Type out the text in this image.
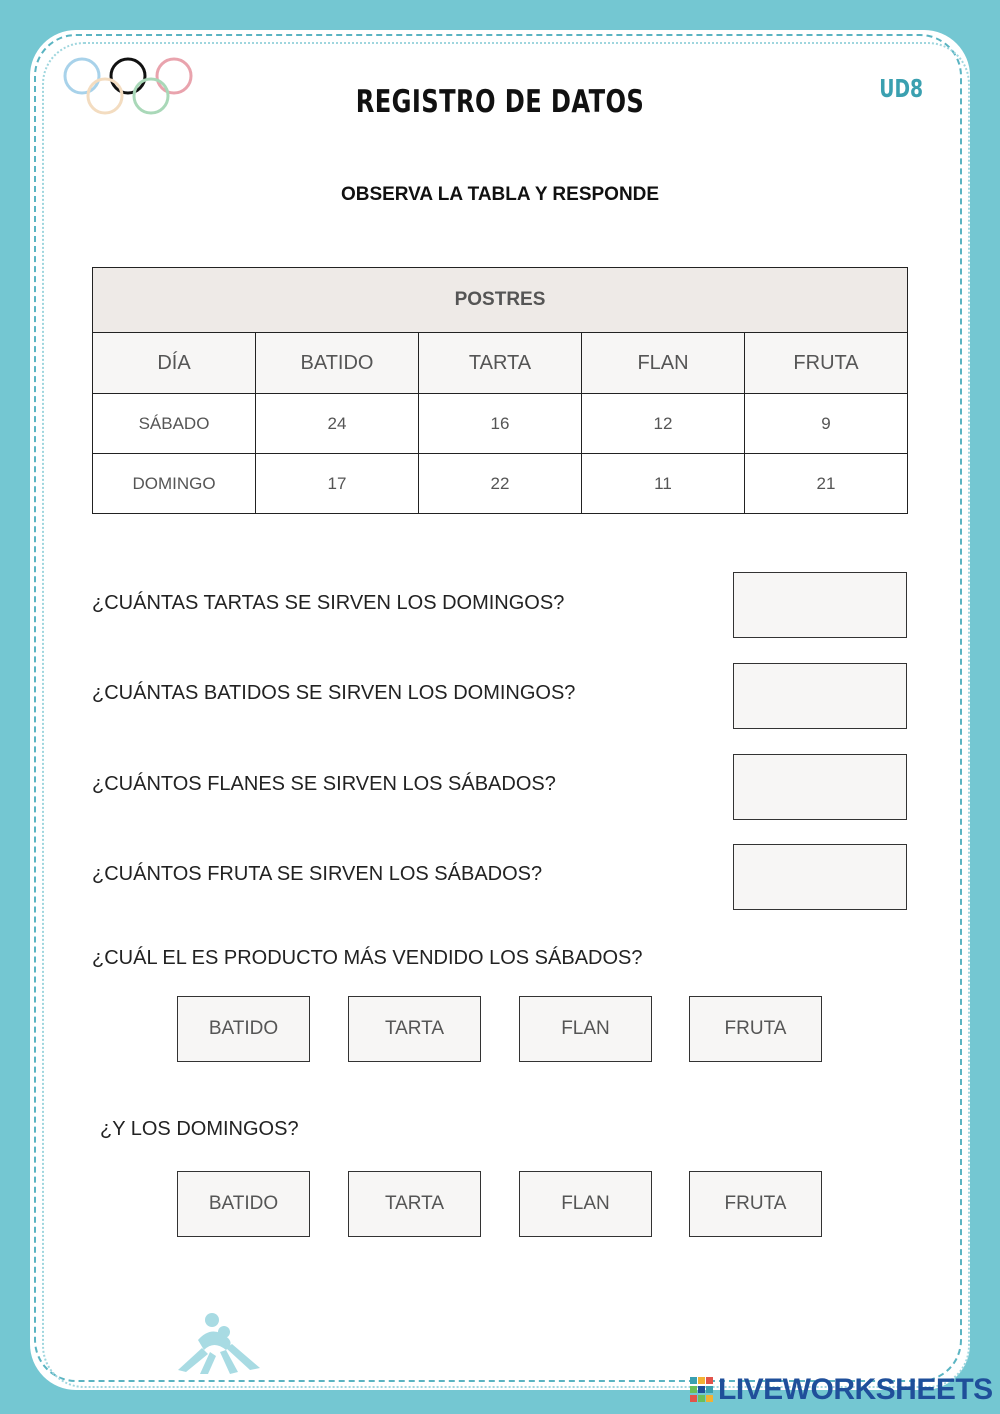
REGISTRO DE DATOS	UD8
OBSERVA LA TABLA Y RESPONDE
POSTRES				
DÍA	BATIDO	TARTA	FLAN	FRUTA
SÁBADO	24	16	12	9
DOMINGO	17	22	11	21
¿CUÁNTAS TARTAS SE SIRVEN LOS DOMINGOS?
¿CUÁNTAS BATIDOS SE SIRVEN LOS DOMINGOS?
¿CUÁNTOS FLANES SE SIRVEN LOS SÁBADOS?
¿CUÁNTOS FRUTA SE SIRVEN LOS SÁBADOS?
¿CUÁL EL ES PRODUCTO MÁS VENDIDO LOS SÁBADOS?
BATIDO	TARTA	FLAN	FRUTA
¿Y LOS DOMINGOS?
BATIDO	TARTA	FLAN	FRUTA
LIVEWORKSHEETS
